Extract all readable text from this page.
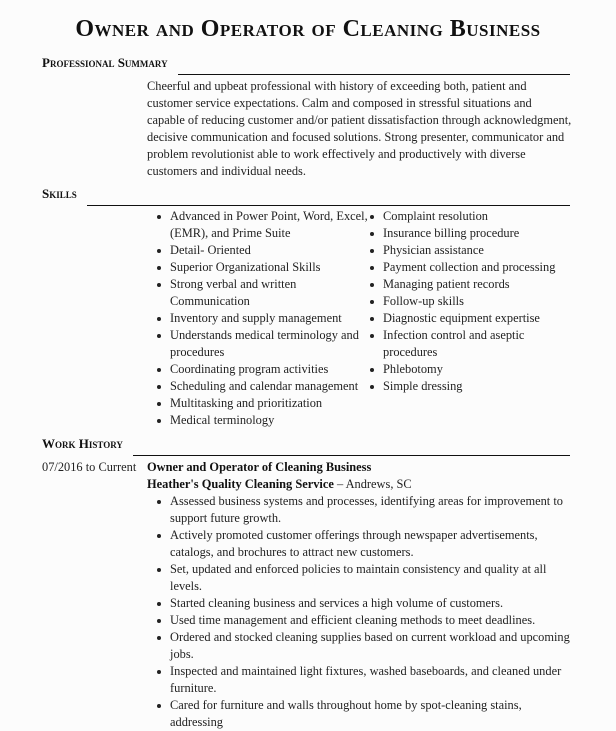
Owner and Operator of Cleaning Business
Professional Summary
Cheerful and upbeat professional with history of exceeding both, patient and customer service expectations. Calm and composed in stressful situations and capable of reducing customer and/or patient dissatisfaction through acknowledgment, decisive communication and focused solutions. Strong presenter, communicator and problem revolutionist able to work effectively and productively with diverse customers and individual needs.
Skills
Advanced in Power Point, Word, Excel, (EMR), and Prime Suite
Detail- Oriented
Superior Organizational Skills
Strong verbal and written Communication
Inventory and supply management
Understands medical terminology and procedures
Coordinating program activities
Scheduling and calendar management
Multitasking and prioritization
Medical terminology
Complaint resolution
Insurance billing procedure
Physician assistance
Payment collection and processing
Managing patient records
Follow-up skills
Diagnostic equipment expertise
Infection control and aseptic procedures
Phlebotomy
Simple dressing
Work History
07/2016 to Current Owner and Operator of Cleaning Business
Heather's Quality Cleaning Service – Andrews, SC
Assessed business systems and processes, identifying areas for improvement to support future growth.
Actively promoted customer offerings through newspaper advertisements, catalogs, and brochures to attract new customers.
Set, updated and enforced policies to maintain consistency and quality at all levels.
Started cleaning business and services a high volume of customers.
Used time management and efficient cleaning methods to meet deadlines.
Ordered and stocked cleaning supplies based on current workload and upcoming jobs.
Inspected and maintained light fixtures, washed baseboards, and cleaned under furniture.
Cared for furniture and walls throughout home by spot-cleaning stains, addressing
